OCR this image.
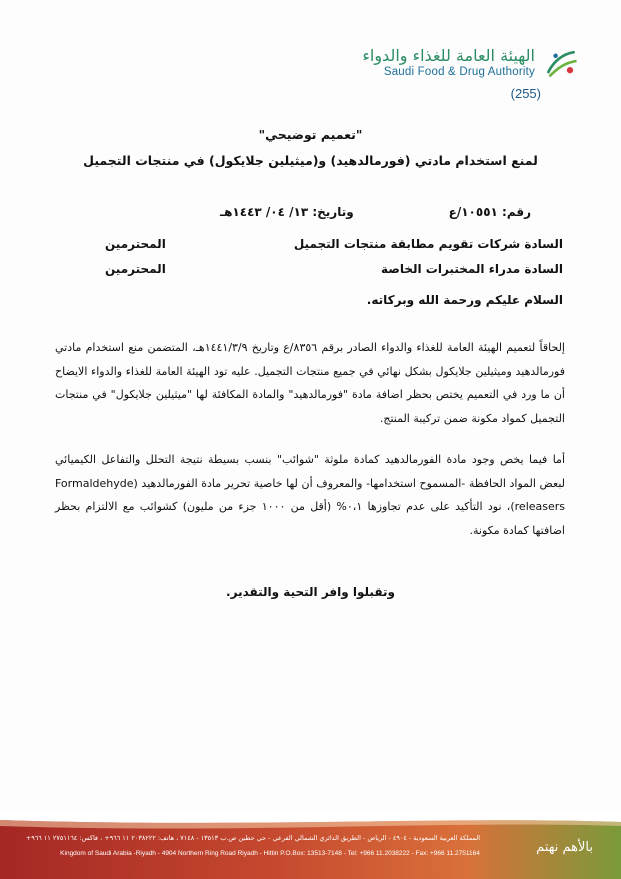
الهيئة العامة للغذاء والدواء
Saudi Food & Drug Authority
(255)
"تعميم توضيحي"
لمنع استخدام مادتي (فورمالدهيد) و(ميثيلين جلايكول) في منتجات التجميل
رقم: ١٠٥٥١/ع
وتاريخ: ١٣/ ٠٤/ ١٤٤٣هـ
السادة شركات تقويم مطابقة منتجات التجميل
المحترمين
السادة مدراء المختبرات الخاصة
المحترمين
السلام عليكم ورحمة الله وبركاته.
إلحاقاً لتعميم الهيئة العامة للغذاء والدواء الصادر برقم ٨٣٥٦/ع وتاريخ ١٤٤١/٣/٩هـ، المتضمن منع استخدام مادتي فورمالدهيد وميثيلين جلايكول بشكل نهائي في جميع منتجات التجميل. عليه تود الهيئة العامة للغذاء والدواء الايضاح أن ما ورد في التعميم يختص بحظر اضافة مادة "فورمالدهيد" والمادة المكافئة لها "ميثيلين جلايكول" في منتجات التجميل كمواد مكونة ضمن تركيبة المنتج.
أما فيما يخص وجود مادة الفورمالدهيد كمادة ملوثة "شوائب" بنسب بسيطة نتيجة التحلل والتفاعل الكيميائي لبعض المواد الحافظة -المسموح استخدامها- والمعروف أن لها خاصية تحرير مادة الفورمالدهيد (Formaldehyde releasers)، نود التأكيد على عدم تجاوزها ٠،١% (أقل من ١٠٠٠ جزء من مليون) كشوائب مع الالتزام بحظر اضافتها كمادة مكونة.
وتقبلوا وافر التحية والتقدير.
بالأهم نهتم
المملكة العربية السعودية - ٤٩٠٤ - الرياض - الطريق الدائري الشمالي الفرعي - حي حطين ص.ب ١٣٥١٣ - ٧١٤٨ ، هاتف: ٢٠٣٨٢٢٢ ١١ ٩٦٦+ ، فاكس: ٢٧٥١١٦٤ ١١ ٩٦٦+
Kingdom of Saudi Arabia -Riyadh - 4904 Northern Ring Road Riyadh - Hittin P.O.Box: 13513-7148 - Tel: +966 11.2038222 - Fax: +966 11.2751164
